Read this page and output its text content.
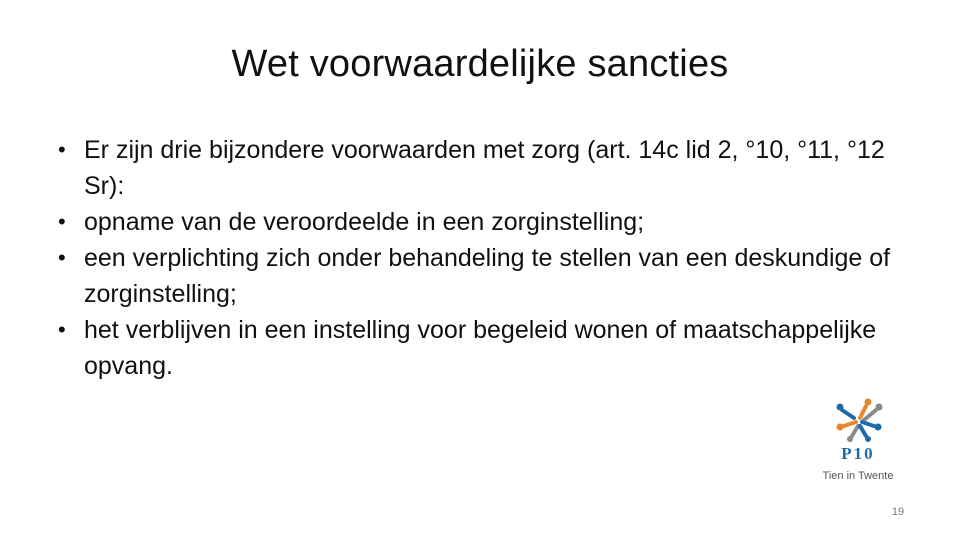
Wet voorwaardelijke sancties
• Er zijn drie bijzondere voorwaarden met zorg (art. 14c lid 2, °10, °11, °12 Sr):
• opname van de veroordeelde in een zorginstelling;
• een verplichting zich onder behandeling te stellen van een deskundige of zorginstelling;
• het verblijven in een instelling voor begeleid wonen of maatschappelijke opvang.
P10
Tien in Twente
19
